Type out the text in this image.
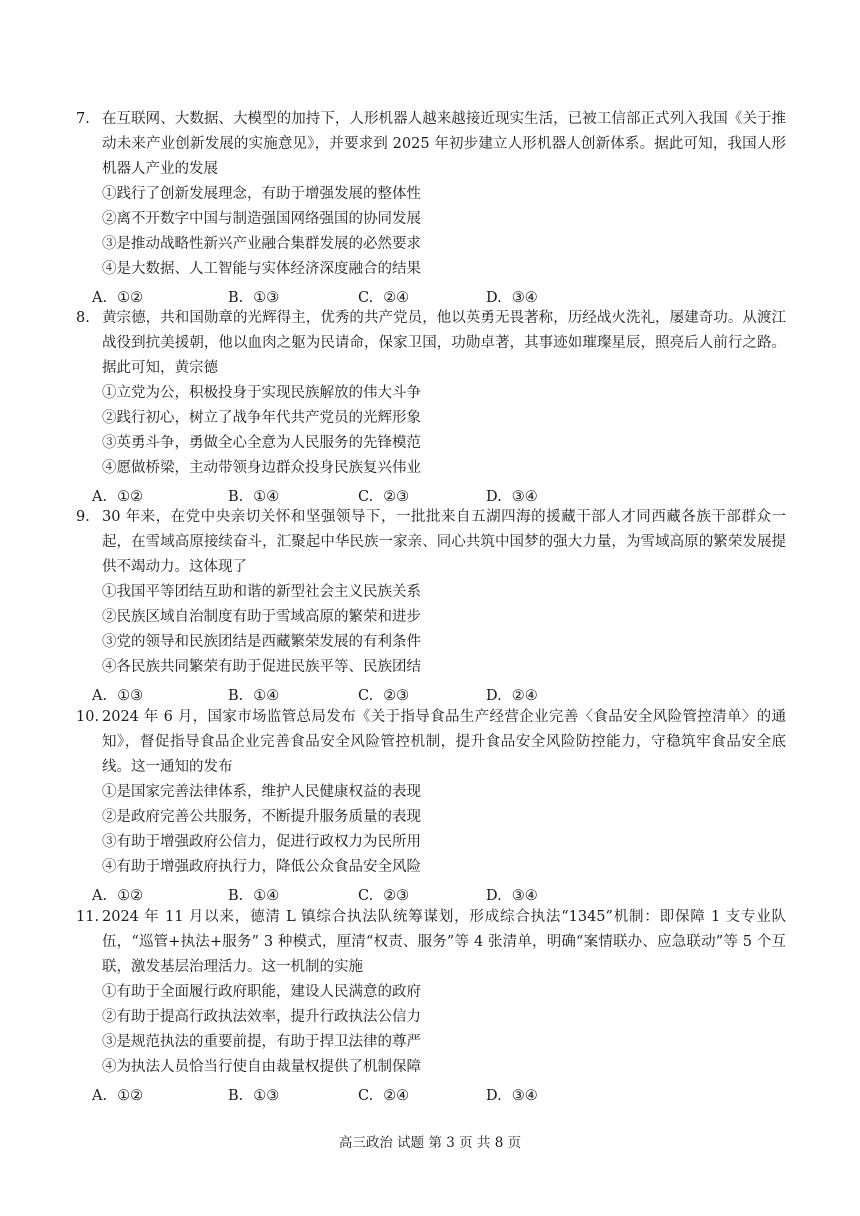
7. 在互联网、大数据、大模型的加持下，人形机器人越来越接近现实生活，已被工信部正式列入我国《关于推动未来产业创新发展的实施意见》，并要求到 2025 年初步建立人形机器人创新体系。据此可知，我国人形机器人产业的发展
①践行了创新发展理念，有助于增强发展的整体性
②离不开数字中国与制造强国网络强国的协同发展
③是推动战略性新兴产业融合集群发展的必然要求
④是大数据、人工智能与实体经济深度融合的结果
A. ①②	B. ①③	C. ②④	D. ③④
8. 黄宗德，共和国勋章的光辉得主，优秀的共产党员，他以英勇无畏著称，历经战火洗礼，屡建奇功。从渡江战役到抗美援朝，他以血肉之躯为民请命，保家卫国，功勋卓著，其事迹如璀璨星辰，照亮后人前行之路。据此可知，黄宗德
①立党为公，积极投身于实现民族解放的伟大斗争
②践行初心，树立了战争年代共产党员的光辉形象
③英勇斗争，勇做全心全意为人民服务的先锋模范
④愿做桥梁，主动带领身边群众投身民族复兴伟业
A. ①②	B. ①④	C. ②③	D. ③④
9. 30 年来，在党中央亲切关怀和坚强领导下，一批批来自五湖四海的援藏干部人才同西藏各族干部群众一起，在雪域高原接续奋斗，汇聚起中华民族一家亲、同心共筑中国梦的强大力量，为雪域高原的繁荣发展提供不竭动力。这体现了
①我国平等团结互助和谐的新型社会主义民族关系
②民族区域自治制度有助于雪域高原的繁荣和进步
③党的领导和民族团结是西藏繁荣发展的有利条件
④各民族共同繁荣有助于促进民族平等、民族团结
A. ①③	B. ①④	C. ②③	D. ②④
10. 2024 年 6 月，国家市场监管总局发布《关于指导食品生产经营企业完善〈食品安全风险管控清单〉的通知》，督促指导食品企业完善食品安全风险管控机制，提升食品安全风险防控能力，守稳筑牢食品安全底线。这一通知的发布
①是国家完善法律体系，维护人民健康权益的表现
②是政府完善公共服务，不断提升服务质量的表现
③有助于增强政府公信力，促进行政权力为民所用
④有助于增强政府执行力，降低公众食品安全风险
A. ①②	B. ①④	C. ②③	D. ③④
11. 2024 年 11 月以来，德清 L 镇综合执法队统筹谋划，形成综合执法“1345”机制：即保障 1 支专业队伍，“巡管+执法+服务” 3 种模式，厘清“权责、服务”等 4 张清单，明确“案情联办、应急联动”等 5 个互联，激发基层治理活力。这一机制的实施
①有助于全面履行政府职能，建设人民满意的政府
②有助于提高行政执法效率，提升行政执法公信力
③是规范执法的重要前提，有助于捍卫法律的尊严
④为执法人员恰当行使自由裁量权提供了机制保障
A. ①②	B. ①③	C. ②④	D. ③④
高三政治 试题 第 3 页 共 8 页
